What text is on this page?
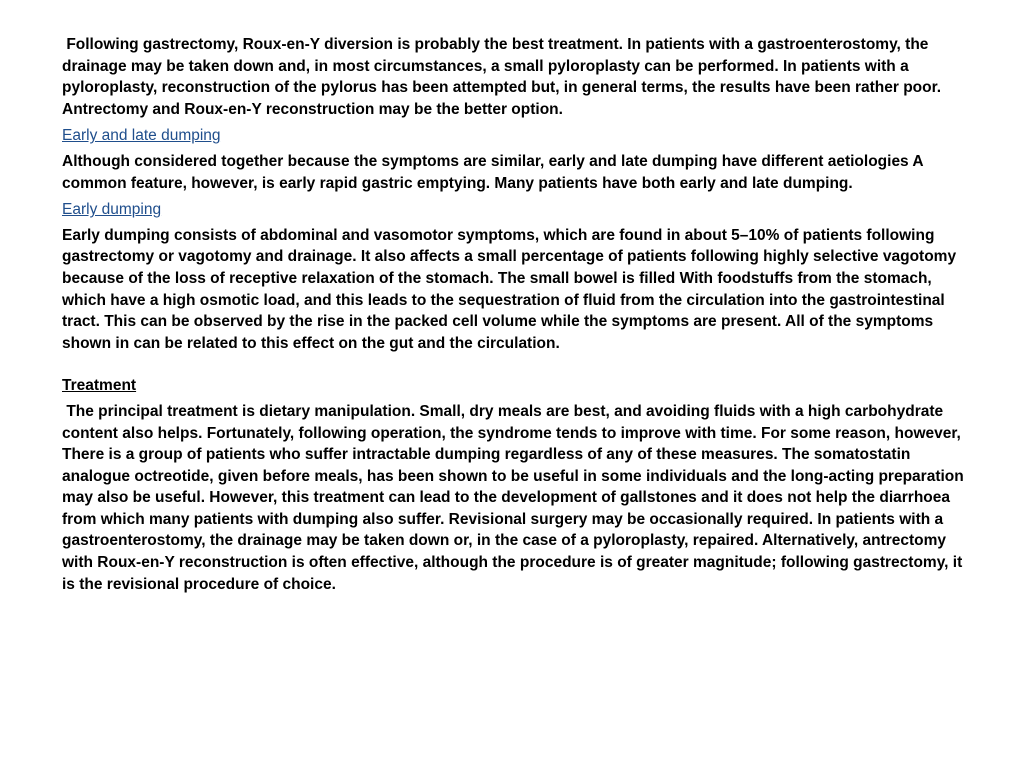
Following gastrectomy, Roux-en-Y diversion is probably the best treatment. In patients with a gastroenterostomy, the drainage may be taken down and, in most circumstances, a small pyloroplasty can be performed. In patients with a pyloroplasty, reconstruction of the pylorus has been attempted but, in general terms, the results have been rather poor. Antrectomy and Roux-en-Y reconstruction may be the better option.

Early and late dumping

Although considered together because the symptoms are similar, early and late dumping have different aetiologies A common feature, however, is early rapid gastric emptying. Many patients have both early and late dumping.

Early dumping

Early dumping consists of abdominal and vasomotor symptoms, which are found in about 5–10% of patients following gastrectomy or vagotomy and drainage. It also affects a small percentage of patients following highly selective vagotomy because of the loss of receptive relaxation of the stomach. The small bowel is filled With foodstuffs from the stomach, which have a high osmotic load, and this leads to the sequestration of fluid from the circulation into the gastrointestinal tract. This can be observed by the rise in the packed cell volume while the symptoms are present. All of the symptoms shown in can be related to this effect on the gut and the circulation.

Treatment

The principal treatment is dietary manipulation. Small, dry meals are best, and avoiding fluids with a high carbohydrate content also helps. Fortunately, following operation, the syndrome tends to improve with time. For some reason, however, There is a group of patients who suffer intractable dumping regardless of any of these measures. The somatostatin analogue octreotide, given before meals, has been shown to be useful in some individuals and the long-acting preparation may also be useful. However, this treatment can lead to the development of gallstones and it does not help the diarrhoea from which many patients with dumping also suffer. Revisional surgery may be occasionally required. In patients with a gastroenterostomy, the drainage may be taken down or, in the case of a pyloroplasty, repaired. Alternatively, antrectomy with Roux-en-Y reconstruction is often effective, although the procedure is of greater magnitude; following gastrectomy, it is the revisional procedure of choice.
